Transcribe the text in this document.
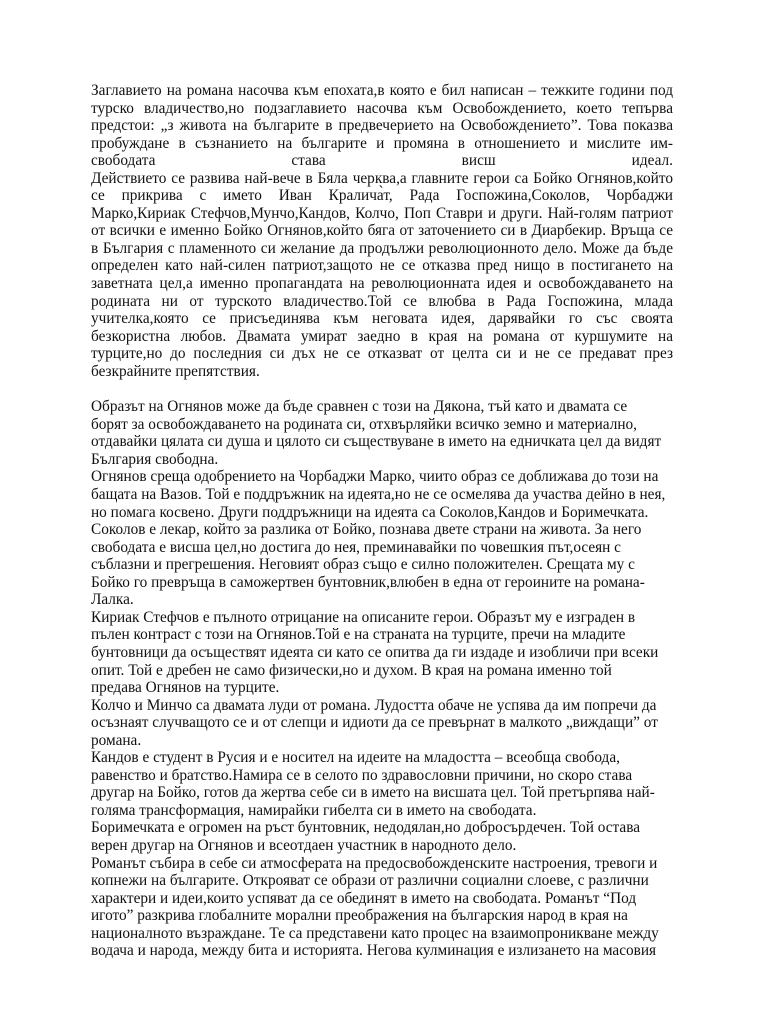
Заглавието на романа насочва към епохата,в която е бил написан – тежките години под

турско владичество,но подзаглавието насочва към Освобождението, което тепърва

предстои: „з живота на българите в предвечерието на Освобождението”. Това показва

пробуждане в съзнанието на българите и промяна в отношението и мислите им-

свободата става висш идеал.

Действието се развива най-вече в Бяла черква,а главните герои са Бойко Огнянов,който

се прикрива с името Иван Кралича̀т, Рада Госпожина,Соколов, Чорбаджи

Марко,Кириак Стефчов,Мунчо,Кандов, Колчо, Поп Ставри и други. Най-голям патриот

от всички е именно Бойко Огнянов,който бяга от заточението си в Диарбекир. Връща се

в България с пламенното си желание да продължи революционното дело. Може да бъде

определен като най-силен патриот,защото не се отказва пред нищо в постигането на

заветната цел,а именно пропагандата на революционната идея и освобождаването на

родината ни от турското владичество.Той се влюбва в Рада Госпожина, млада

учителка,която се присъединява към неговата идея, дарявайки го със своята

безкористна любов. Двамата умират заедно в края на романа от куршумите на

турците,но до последния си дъх не се отказват от целта си и не се предават през

безкрайните препятствия.

Образът на Огнянов може да бъде сравнен с този на Дякона, тъй като и двамата се

борят за освобождаването на родината си, отхвърляйки всичко земно и материално,

отдавайки цялата си душа и цялото си съществуване в името на едничката цел да видят

България свободна.

Огнянов среща одобрението на Чорбаджи Марко, чиито образ се доближава до този на

бащата на Вазов. Той е поддръжник на идеята,но не се осмелява да участва дейно в нея,

но помага косвено. Други поддръжници на идеята са Соколов,Кандов и Боримечката.

Соколов е лекар, който за разлика от Бойко, познава двете страни на живота. За него

свободата е висша цел,но достига до нея, преминавайки по човешкия път,осеян с

съблазни и прегрешения. Неговият образ също е силно положителен. Срещата му с

Бойко го превръща в саможертвен бунтовник,влюбен в една от героините на романа-

Лалка.

Кириак Стефчов е пълното отрицание на описаните герои. Образът му е изграден в

пълен контраст с този на Огнянов.Той е на страната на турците, пречи на младите

бунтовници да осъществят идеята си като се опитва да ги издаде и изобличи при всеки

опит. Той е дребен не само физически,но и духом. В края на романа именно той

предава Огнянов на турците.

Колчо и Минчо са двамата луди от романа. Лудостта обаче не успява да им попречи да

осъзнаят случващото се и от слепци и идиоти да се превърнат в малкото „виждащи” от

романа.

Кандов е студент в Русия и е носител на идеите на младостта – всеобща свобода,

равенство и братство.Намира се в селото по здравословни причини, но скоро става

другар на Бойко, готов да жертва себе си в името на висшата цел. Той претърпява най-

голяма трансформация, намирайки гибелта си в името на свободата.

Боримечката е огромен на ръст бунтовник, недодялан,но добросърдечен. Той остава

верен другар на Огнянов и всеотдаен участник в народното дело.

Романът събира в себе си атмосферата на предосвобожденските настроения, тревоги и

копнежи на българите. Открояват се образи от различни социални слоеве, с различни

характери и идеи,които успяват да се обединят в името на свободата. Романът “Под

игото” разкрива глобалните морални преображения на българския народ в края на

националното възраждане. Те са представени като процес на взаимопроникване между

водача и народа, между бита и историята. Негова кулминация е излизането на масовия
